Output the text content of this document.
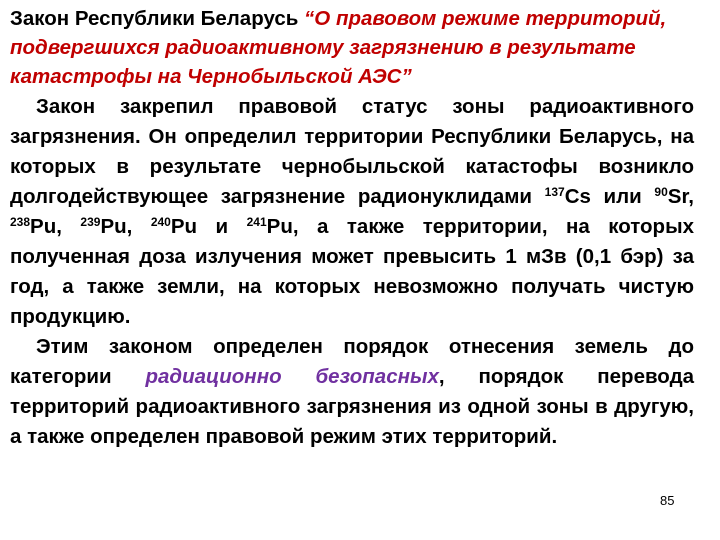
Закон Республики Беларусь “О правовом режиме территорий, подвергшихся радиоактивному загрязнению в результате катастрофы на Чернобыльской АЭС”

Закон закрепил правовой статус зоны радиоактивного загрязнения. Он определил территории Республики Беларусь, на которых в результате чернобыльской катастофы возникло долгодействующее загрязнение радионуклидами $^{137}$Cs или $^{90}$Sr, $^{238}$Pu, $^{239}$Pu, $^{240}$Pu и $^{241}$Pu, а также территории, на которых полученная доза излучения может превысить 1 мЗв (0,1 бэр) за год, а также земли, на которых невозможно получать чистую продукцию.

Этим законом определен порядок отнесения земель до категории радиационно безопасных, порядок перевода территорий радиоактивного загрязнения из одной зоны в другую, а также определен правовой режим этих территорий.

85
